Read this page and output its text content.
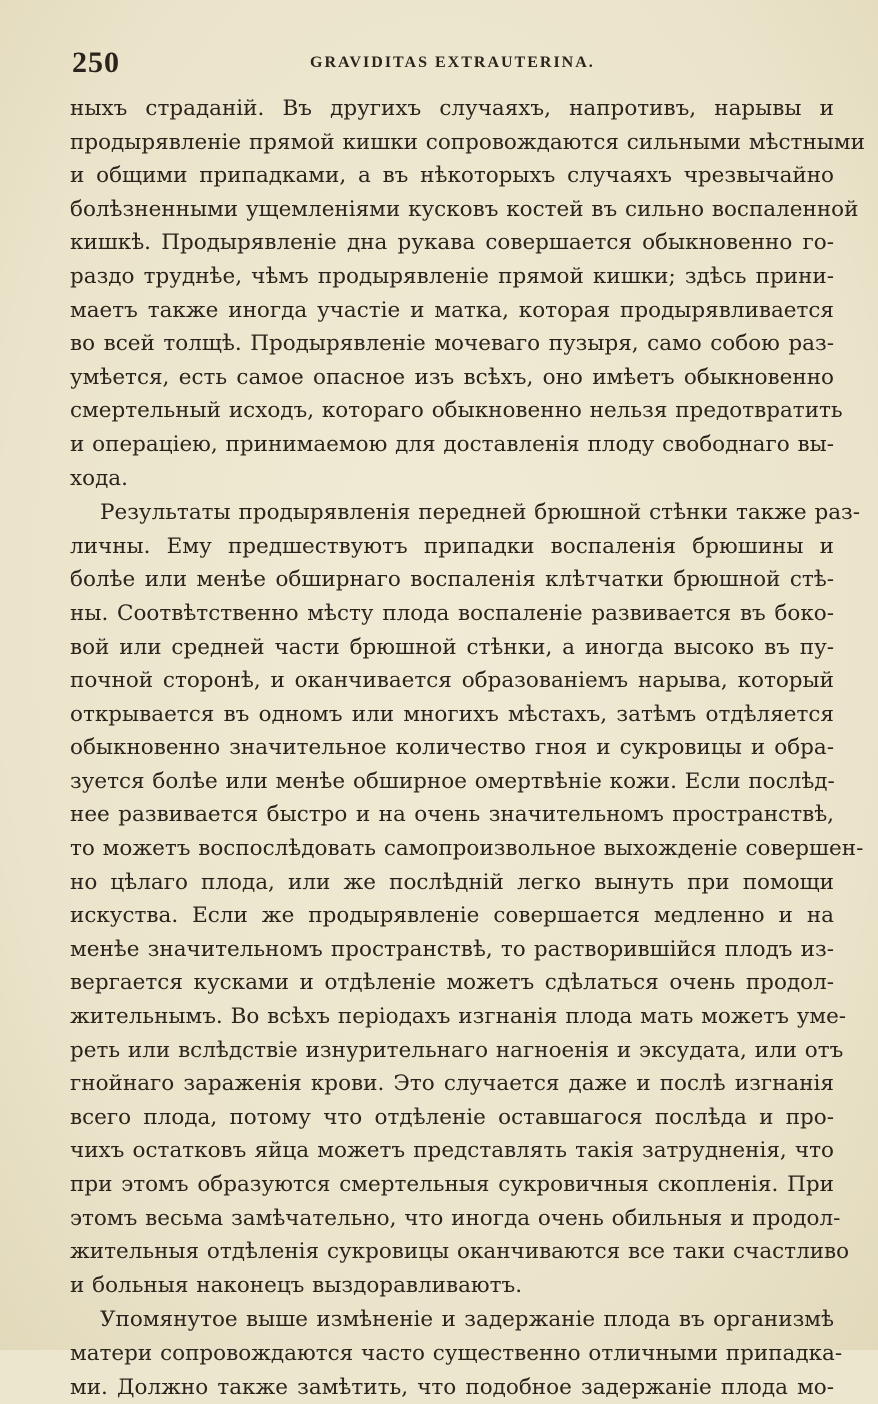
250	GRAVIDITAS EXTRAUTERINA.
ныхъ страданій. Въ другихъ случаяхъ, напротивъ, нарывы и
продырявленіе прямой кишки сопровождаются сильными мѣстными
и общими припадками, а въ нѣкоторыхъ случаяхъ чрезвычайно
болѣзненными ущемленіями кусковъ костей въ сильно воспаленной
кишкѣ. Продырявленіе дна рукава совершается обыкновенно го-
раздо труднѣе, чѣмъ продырявленіе прямой кишки; здѣсь прини-
маетъ также иногда участіе и матка, которая продырявливается
во всей толщѣ. Продырявленіе мочеваго пузыря, само собою раз-
умѣется, есть самое опасное изъ всѣхъ, оно имѣетъ обыкновенно
смертельный исходъ, котораго обыкновенно нельзя предотвратить
и операціею, принимаемою для доставленія плоду свободнаго вы-
хода.
Результаты продырявленія передней брюшной стѣнки также раз-
личны. Ему предшествуютъ припадки воспаленія брюшины и
болѣе или менѣе обширнаго воспаленія клѣтчатки брюшной стѣ-
ны. Соотвѣтственно мѣсту плода воспаленіе развивается въ боко-
вой или средней части брюшной стѣнки, а иногда высоко въ пу-
почной сторонѣ, и оканчивается образованіемъ нарыва, который
открывается въ одномъ или многихъ мѣстахъ, затѣмъ отдѣляется
обыкновенно значительное количество гноя и сукровицы и обра-
зуется болѣе или менѣе обширное омертвѣніе кожи. Если послѣд-
нее развивается быстро и на очень значительномъ пространствѣ,
то можетъ воспослѣдовать самопроизвольное выхожденіе совершен-
но цѣлаго плода, или же послѣдній легко вынуть при помощи
искуства. Если же продырявленіе совершается медленно и на
менѣе значительномъ пространствѣ, то растворившійся плодъ из-
вергается кусками и отдѣленіе можетъ сдѣлаться очень продол-
жительнымъ. Во всѣхъ періодахъ изгнанія плода мать можетъ уме-
реть или вслѣдствіе изнурительнаго нагноенія и эксудата, или отъ
гнойнаго зараженія крови. Это случается даже и послѣ изгнанія
всего плода, потому что отдѣленіе оставшагося послѣда и про-
чихъ остатковъ яйца можетъ представлять такія затрудненія, что
при этомъ образуются смертельныя сукровичныя скопленія. При
этомъ весьма замѣчательно, что иногда очень обильныя и продол-
жительныя отдѣленія сукровицы оканчиваются все таки счастливо
и больныя наконецъ выздоравливаютъ.
Упомянутое выше измѣненіе и задержаніе плода въ организмѣ
матери сопровождаются часто существенно отличными припадка-
ми. Должно также замѣтить, что подобное задержаніе плода мо-
